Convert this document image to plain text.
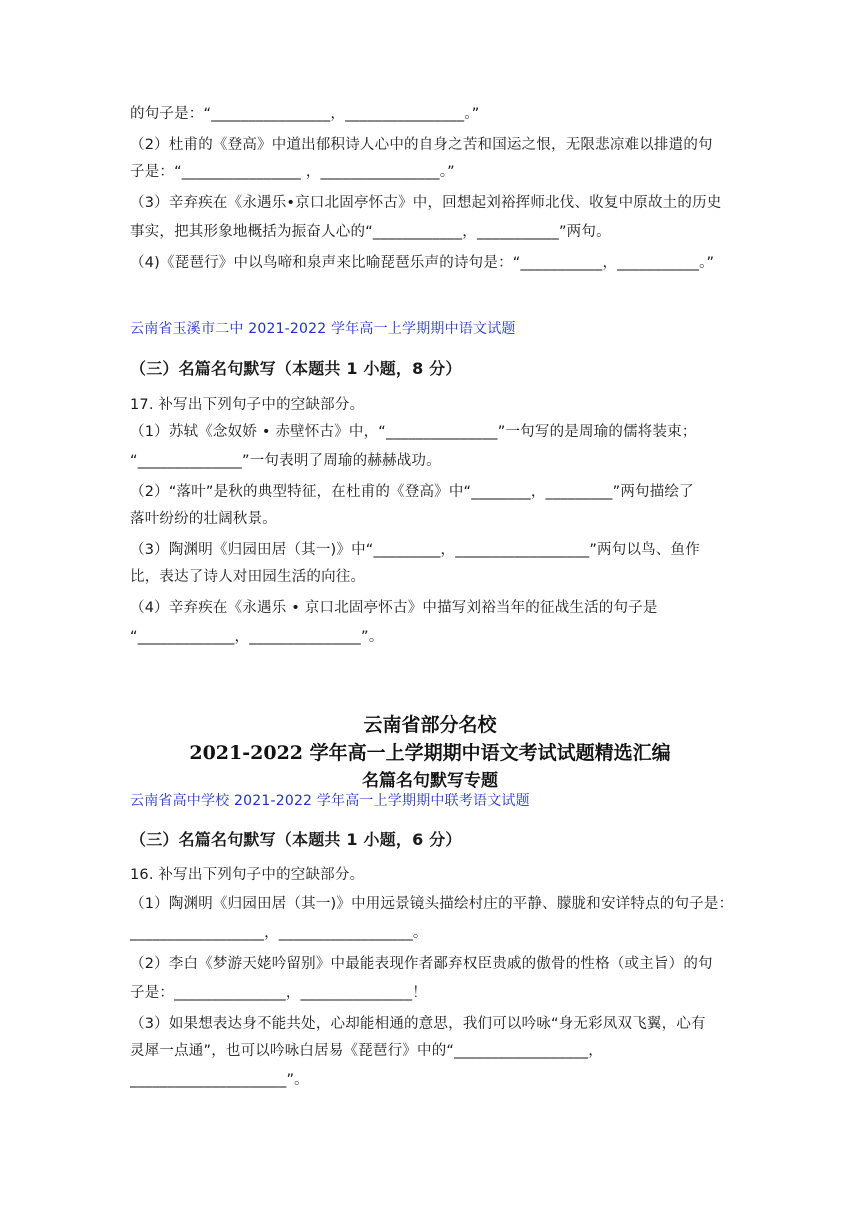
的句子是：“________________，________________。”
（2）杜甫的《登高》中道出郁积诗人心中的自身之苦和国运之恨，无限悲凉难以排遣的句
子是：“________________ ，________________。”
（3）辛弃疾在《永遇乐•京口北固亭怀古》中，回想起刘裕挥师北伐、收复中原故土的历史
事实，把其形象地概括为振奋人心的“____________，___________”两句。
（4)《琵琶行》中以鸟啼和泉声来比喻琵琶乐声的诗句是：“___________，___________。”
云南省玉溪市二中 2021-2022 学年高一上学期期中语文试题
（三）名篇名句默写（本题共 1 小题，8 分）
17. 补写出下列句子中的空缺部分。
（1）苏轼《念奴娇 • 赤壁怀古》中，“_______________”一句写的是周瑜的儒将装束；
“______________”一句表明了周瑜的赫赫战功。
（2）“落叶”是秋的典型特征，在杜甫的《登高》中“________，_________”两句描绘了
落叶纷纷的壮阔秋景。
（3）陶渊明《归园田居（其一)》中“_________，__________________”两句以鸟、鱼作
比，表达了诗人对田园生活的向往。
（4）辛弃疾在《永遇乐 • 京口北固亭怀古》中描写刘裕当年的征战生活的句子是
“_____________，_______________”。
云南省部分名校
2021-2022 学年高一上学期期中语文考试试题精选汇编
名篇名句默写专题
云南省高中学校 2021-2022 学年高一上学期期中联考语文试题
（三）名篇名句默写（本题共 1 小题，6 分）
16. 补写出下列句子中的空缺部分。
（1）陶渊明《归园田居（其一)》中用远景镜头描绘村庄的平静、朦胧和安详特点的句子是：
__________________，__________________。
（2）李白《梦游天姥吟留别》中最能表现作者鄙弃权臣贵戚的傲骨的性格（或主旨）的句
子是：_______________，_______________！
（3）如果想表达身不能共处，心却能相通的意思，我们可以吟咏“身无彩凤双飞翼，心有
灵犀一点通”，也可以吟咏白居易《琵琶行》中的“__________________，
_____________________”。
